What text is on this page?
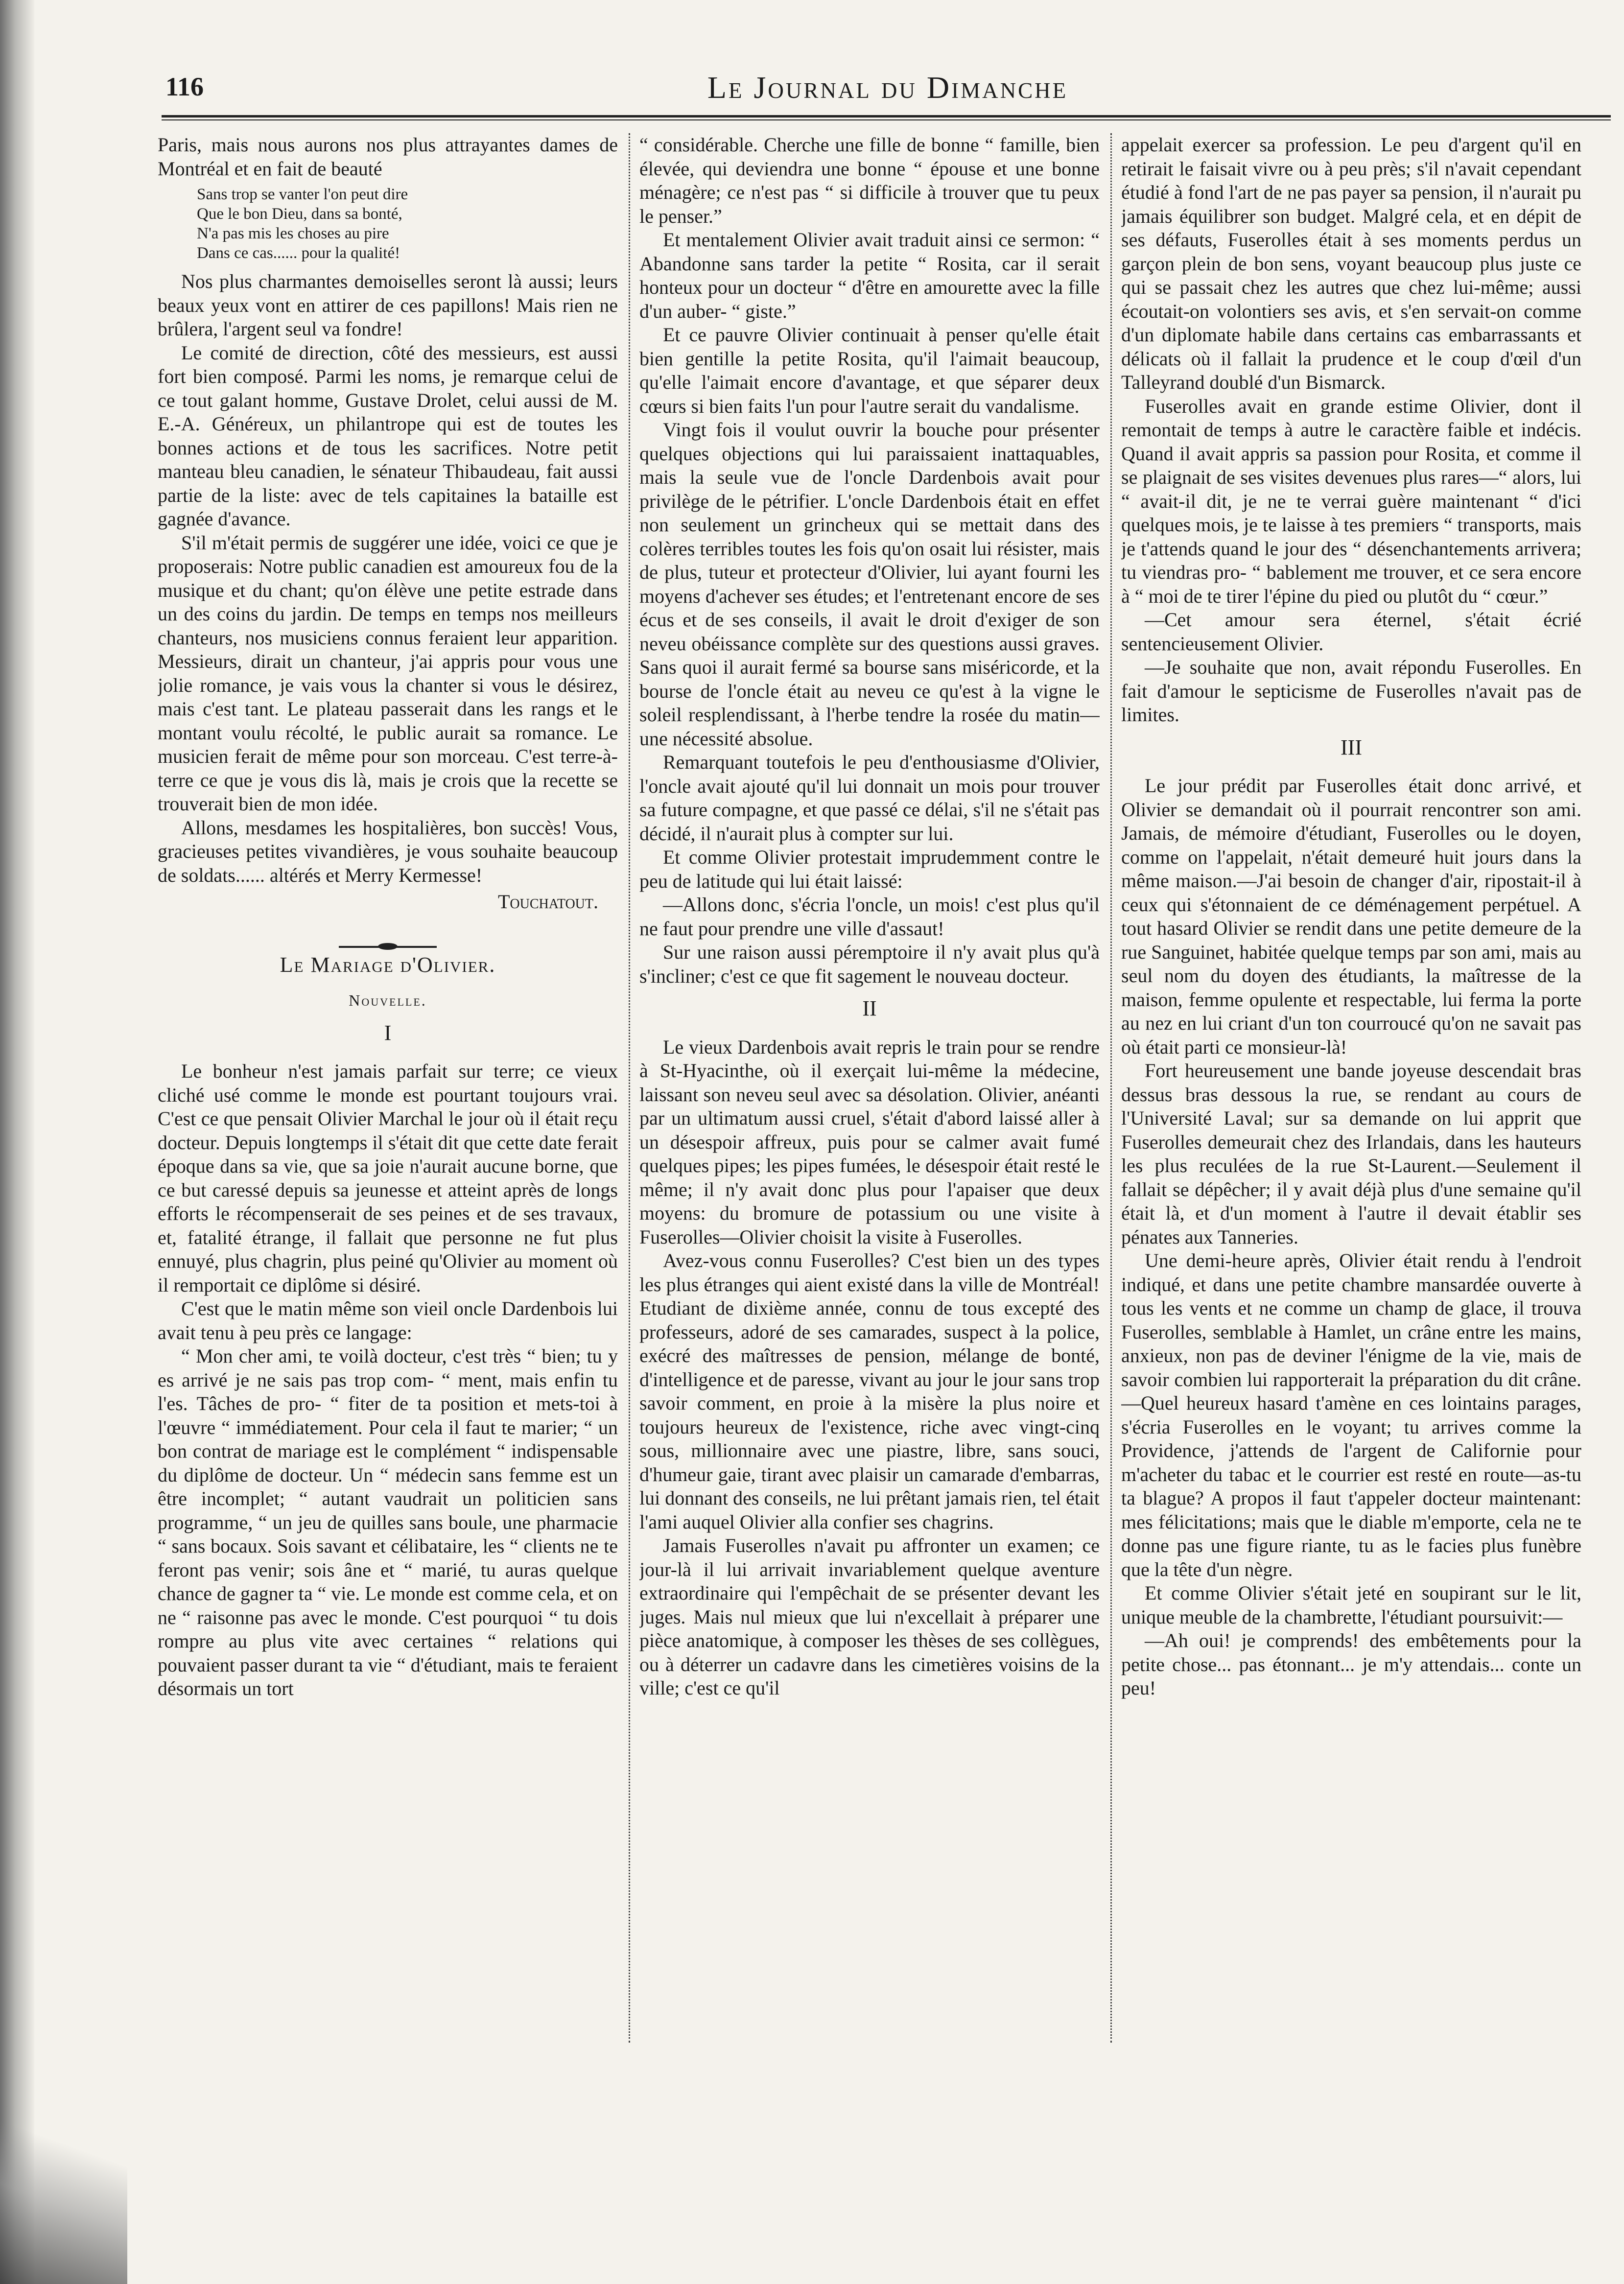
116	Le Journal du Dimanche

Paris, mais nous aurons nos plus attrayantes dames de Montréal et en fait de beauté

Sans trop se vanter l'on peut dire
Que le bon Dieu, dans sa bonté,
N'a pas mis les choses au pire
Dans ce cas...... pour la qualité!

Nos plus charmantes demoiselles seront là aussi; leurs beaux yeux vont en attirer de ces papillons! Mais rien ne brûlera, l'argent seul va fondre!

Le comité de direction, côté des messieurs, est aussi fort bien composé. Parmi les noms, je remarque celui de ce tout galant homme, Gustave Drolet, celui aussi de M. E.-A. Généreux, un philantrope qui est de toutes les bonnes actions et de tous les sacrifices. Notre petit manteau bleu canadien, le sénateur Thibaudeau, fait aussi partie de la liste: avec de tels capitaines la bataille est gagnée d'avance.

S'il m'était permis de suggérer une idée, voici ce que je proposerais: Notre public canadien est amoureux fou de la musique et du chant; qu'on élève une petite estrade dans un des coins du jardin. De temps en temps nos meilleurs chanteurs, nos musiciens connus feraient leur apparition. Messieurs, dirait un chanteur, j'ai appris pour vous une jolie romance, je vais vous la chanter si vous le désirez, mais c'est tant. Le plateau passerait dans les rangs et le montant voulu récolté, le public aurait sa romance. Le musicien ferait de même pour son morceau. C'est terre-à-terre ce que je vous dis là, mais je crois que la recette se trouverait bien de mon idée.

Allons, mesdames les hospitalières, bon succès! Vous, gracieuses petites vivandières, je vous souhaite beaucoup de soldats...... altérés et Merry Kermesse!

Touchatout.
Le Mariage d'Olivier.
Nouvelle.
I

Le bonheur n'est jamais parfait sur terre; ce vieux cliché usé comme le monde est pourtant toujours vrai. C'est ce que pensait Olivier Marchal le jour où il était reçu docteur. Depuis longtemps il s'était dit que cette date ferait époque dans sa vie, que sa joie n'aurait aucune borne, que ce but caressé depuis sa jeunesse et atteint après de longs efforts le récompenserait de ses peines et de ses travaux, et, fatalité étrange, il fallait que personne ne fut plus ennuyé, plus chagrin, plus peiné qu'Olivier au moment où il remportait ce diplôme si désiré.

C'est que le matin même son vieil oncle Dardenbois lui avait tenu à peu près ce langage:

“ Mon cher ami, te voilà docteur, c'est très “ bien; tu y es arrivé je ne sais pas trop com- “ ment, mais enfin tu l'es. Tâches de pro- “ fiter de ta position et mets-toi à l'œuvre “ immédiatement. Pour cela il faut te marier; “ un bon contrat de mariage est le complément “ indispensable du diplôme de docteur. Un “ médecin sans femme est un être incomplet; “ autant vaudrait un politicien sans programme, “ un jeu de quilles sans boule, une pharmacie “ sans bocaux. Sois savant et célibataire, les “ clients ne te feront pas venir; sois âne et “ marié, tu auras quelque chance de gagner ta “ vie. Le monde est comme cela, et on ne “ raisonne pas avec le monde. C'est pourquoi “ tu dois rompre au plus vite avec certaines “ relations qui pouvaient passer durant ta vie “ d'étudiant, mais te feraient désormais un tort

“ considérable. Cherche une fille de bonne “ famille, bien élevée, qui deviendra une bonne “ épouse et une bonne ménagère; ce n'est pas “ si difficile à trouver que tu peux le penser.”

Et mentalement Olivier avait traduit ainsi ce sermon: “ Abandonne sans tarder la petite “ Rosita, car il serait honteux pour un docteur “ d'être en amourette avec la fille d'un auber- “ giste.”

Et ce pauvre Olivier continuait à penser qu'elle était bien gentille la petite Rosita, qu'il l'aimait beaucoup, qu'elle l'aimait encore d'avantage, et que séparer deux cœurs si bien faits l'un pour l'autre serait du vandalisme.

Vingt fois il voulut ouvrir la bouche pour présenter quelques objections qui lui paraissaient inattaquables, mais la seule vue de l'oncle Dardenbois avait pour privilège de le pétrifier. L'oncle Dardenbois était en effet non seulement un grincheux qui se mettait dans des colères terribles toutes les fois qu'on osait lui résister, mais de plus, tuteur et protecteur d'Olivier, lui ayant fourni les moyens d'achever ses études; et l'entretenant encore de ses écus et de ses conseils, il avait le droit d'exiger de son neveu obéissance complète sur des questions aussi graves. Sans quoi il aurait fermé sa bourse sans miséricorde, et la bourse de l'oncle était au neveu ce qu'est à la vigne le soleil resplendissant, à l'herbe tendre la rosée du matin—une nécessité absolue.

Remarquant toutefois le peu d'enthousiasme d'Olivier, l'oncle avait ajouté qu'il lui donnait un mois pour trouver sa future compagne, et que passé ce délai, s'il ne s'était pas décidé, il n'aurait plus à compter sur lui.

Et comme Olivier protestait imprudemment contre le peu de latitude qui lui était laissé:

—Allons donc, s'écria l'oncle, un mois! c'est plus qu'il ne faut pour prendre une ville d'assaut!

Sur une raison aussi péremptoire il n'y avait plus qu'à s'incliner; c'est ce que fit sagement le nouveau docteur.

II

Le vieux Dardenbois avait repris le train pour se rendre à St-Hyacinthe, où il exerçait lui-même la médecine, laissant son neveu seul avec sa désolation. Olivier, anéanti par un ultimatum aussi cruel, s'était d'abord laissé aller à un désespoir affreux, puis pour se calmer avait fumé quelques pipes; les pipes fumées, le désespoir était resté le même; il n'y avait donc plus pour l'apaiser que deux moyens: du bromure de potassium ou une visite à Fuserolles—Olivier choisit la visite à Fuserolles.

Avez-vous connu Fuserolles? C'est bien un des types les plus étranges qui aient existé dans la ville de Montréal! Etudiant de dixième année, connu de tous excepté des professeurs, adoré de ses camarades, suspect à la police, exécré des maîtresses de pension, mélange de bonté, d'intelligence et de paresse, vivant au jour le jour sans trop savoir comment, en proie à la misère la plus noire et toujours heureux de l'existence, riche avec vingt-cinq sous, millionnaire avec une piastre, libre, sans souci, d'humeur gaie, tirant avec plaisir un camarade d'embarras, lui donnant des conseils, ne lui prêtant jamais rien, tel était l'ami auquel Olivier alla confier ses chagrins.

Jamais Fuserolles n'avait pu affronter un examen; ce jour-là il lui arrivait invariablement quelque aventure extraordinaire qui l'empêchait de se présenter devant les juges. Mais nul mieux que lui n'excellait à préparer une pièce anatomique, à composer les thèses de ses collègues, ou à déterrer un cadavre dans les cimetières voisins de la ville; c'est ce qu'il

appelait exercer sa profession. Le peu d'argent qu'il en retirait le faisait vivre ou à peu près; s'il n'avait cependant étudié à fond l'art de ne pas payer sa pension, il n'aurait pu jamais équilibrer son budget. Malgré cela, et en dépit de ses défauts, Fuserolles était à ses moments perdus un garçon plein de bon sens, voyant beaucoup plus juste ce qui se passait chez les autres que chez lui-même; aussi écoutait-on volontiers ses avis, et s'en servait-on comme d'un diplomate habile dans certains cas embarrassants et délicats où il fallait la prudence et le coup d'œil d'un Talleyrand doublé d'un Bismarck.

Fuserolles avait en grande estime Olivier, dont il remontait de temps à autre le caractère faible et indécis. Quand il avait appris sa passion pour Rosita, et comme il se plaignait de ses visites devenues plus rares—“ alors, lui “ avait-il dit, je ne te verrai guère maintenant “ d'ici quelques mois, je te laisse à tes premiers “ transports, mais je t'attends quand le jour des “ désenchantements arrivera; tu viendras pro- “ bablement me trouver, et ce sera encore à “ moi de te tirer l'épine du pied ou plutôt du “ cœur.”

—Cet amour sera éternel, s'était écrié sentencieusement Olivier.

—Je souhaite que non, avait répondu Fuserolles. En fait d'amour le septicisme de Fuserolles n'avait pas de limites.

III

Le jour prédit par Fuserolles était donc arrivé, et Olivier se demandait où il pourrait rencontrer son ami. Jamais, de mémoire d'étudiant, Fuserolles ou le doyen, comme on l'appelait, n'était demeuré huit jours dans la même maison.—J'ai besoin de changer d'air, ripostait-il à ceux qui s'étonnaient de ce déménagement perpétuel. A tout hasard Olivier se rendit dans une petite demeure de la rue Sanguinet, habitée quelque temps par son ami, mais au seul nom du doyen des étudiants, la maîtresse de la maison, femme opulente et respectable, lui ferma la porte au nez en lui criant d'un ton courroucé qu'on ne savait pas où était parti ce monsieur-là!

Fort heureusement une bande joyeuse descendait bras dessus bras dessous la rue, se rendant au cours de l'Université Laval; sur sa demande on lui apprit que Fuserolles demeurait chez des Irlandais, dans les hauteurs les plus reculées de la rue St-Laurent.—Seulement il fallait se dépêcher; il y avait déjà plus d'une semaine qu'il était là, et d'un moment à l'autre il devait établir ses pénates aux Tanneries.

Une demi-heure après, Olivier était rendu à l'endroit indiqué, et dans une petite chambre mansardée ouverte à tous les vents et ne comme un champ de glace, il trouva Fuserolles, semblable à Hamlet, un crâne entre les mains, anxieux, non pas de deviner l'énigme de la vie, mais de savoir combien lui rapporterait la préparation du dit crâne.—Quel heureux hasard t'amène en ces lointains parages, s'écria Fuserolles en le voyant; tu arrives comme la Providence, j'attends de l'argent de Californie pour m'acheter du tabac et le courrier est resté en route—as-tu ta blague? A propos il faut t'appeler docteur maintenant: mes félicitations; mais que le diable m'emporte, cela ne te donne pas une figure riante, tu as le facies plus funèbre que la tête d'un nègre.

Et comme Olivier s'était jeté en soupirant sur le lit, unique meuble de la chambrette, l'étudiant poursuivit:—

—Ah oui! je comprends! des embêtements pour la petite chose... pas étonnant... je m'y attendais... conte un peu!
